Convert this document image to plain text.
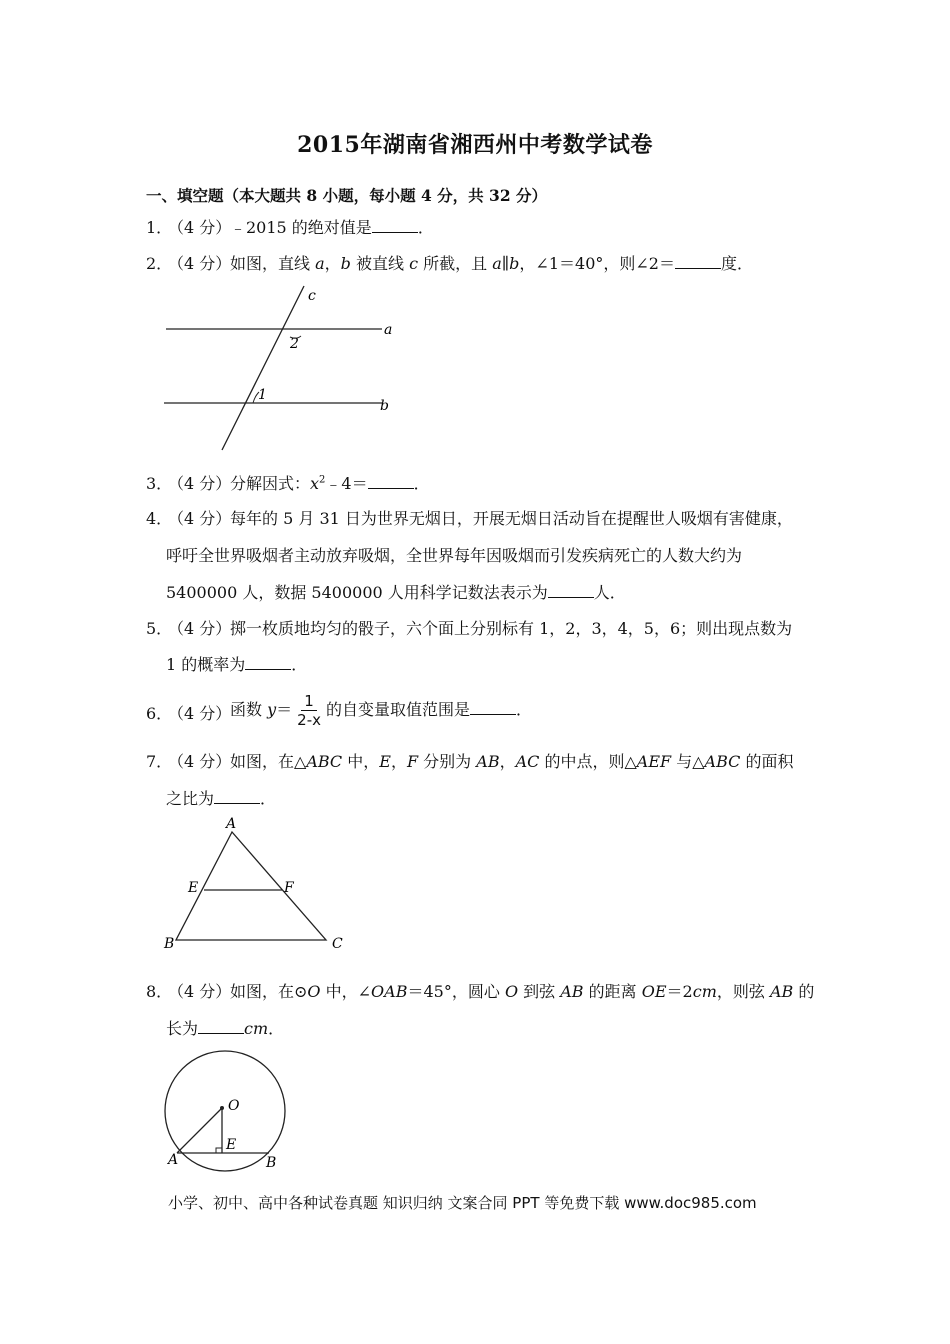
2015年湖南省湘西州中考数学试卷
一、填空题（本大题共 8 小题，每小题 4 分，共 32 分）
1．
（4 分）
﹣2015 的绝对值是	．
2．
（4 分）
如图，直线 a，b 被直线 c 所截，且 a∥b，∠1＝40°，则∠2＝	度．
c
a
b
2
1
3．
（4 分）
分解因式：$x^2﹣4=$	．
4．
（4 分）
每年的 5 月 31 日为世界无烟日，开展无烟日活动旨在提醒世人吸烟有害健康，
呼吁全世界吸烟者主动放弃吸烟，全世界每年因吸烟而引发疾病死亡的人数大约为
5400000 人，数据 5400000 人用科学记数法表示为	人．
5．
（4 分）
掷一枚质地均匀的骰子，六个面上分别标有 1，2，3，4，5，6；则出现点数为
1 的概率为	．
6．
（4 分）
函数 $y= \frac{1}{2-x}$ 的自变量取值范围是	．
7．
（4 分）
如图，在△ABC 中，E，F 分别为 AB，AC 的中点，则△AEF 与△ABC 的面积
之比为	．
A
E	F
B	C
8．
（4 分）
如图，在⊙O 中，∠OAB＝45°，圆心 O 到弦 AB 的距离 OE＝2cm，则弦 AB 的
长为	cm．
O
E
A	B
小学、初中、高中各种试卷真题 知识归纳 文案合同 PPT 等免费下载 www.doc985.com
